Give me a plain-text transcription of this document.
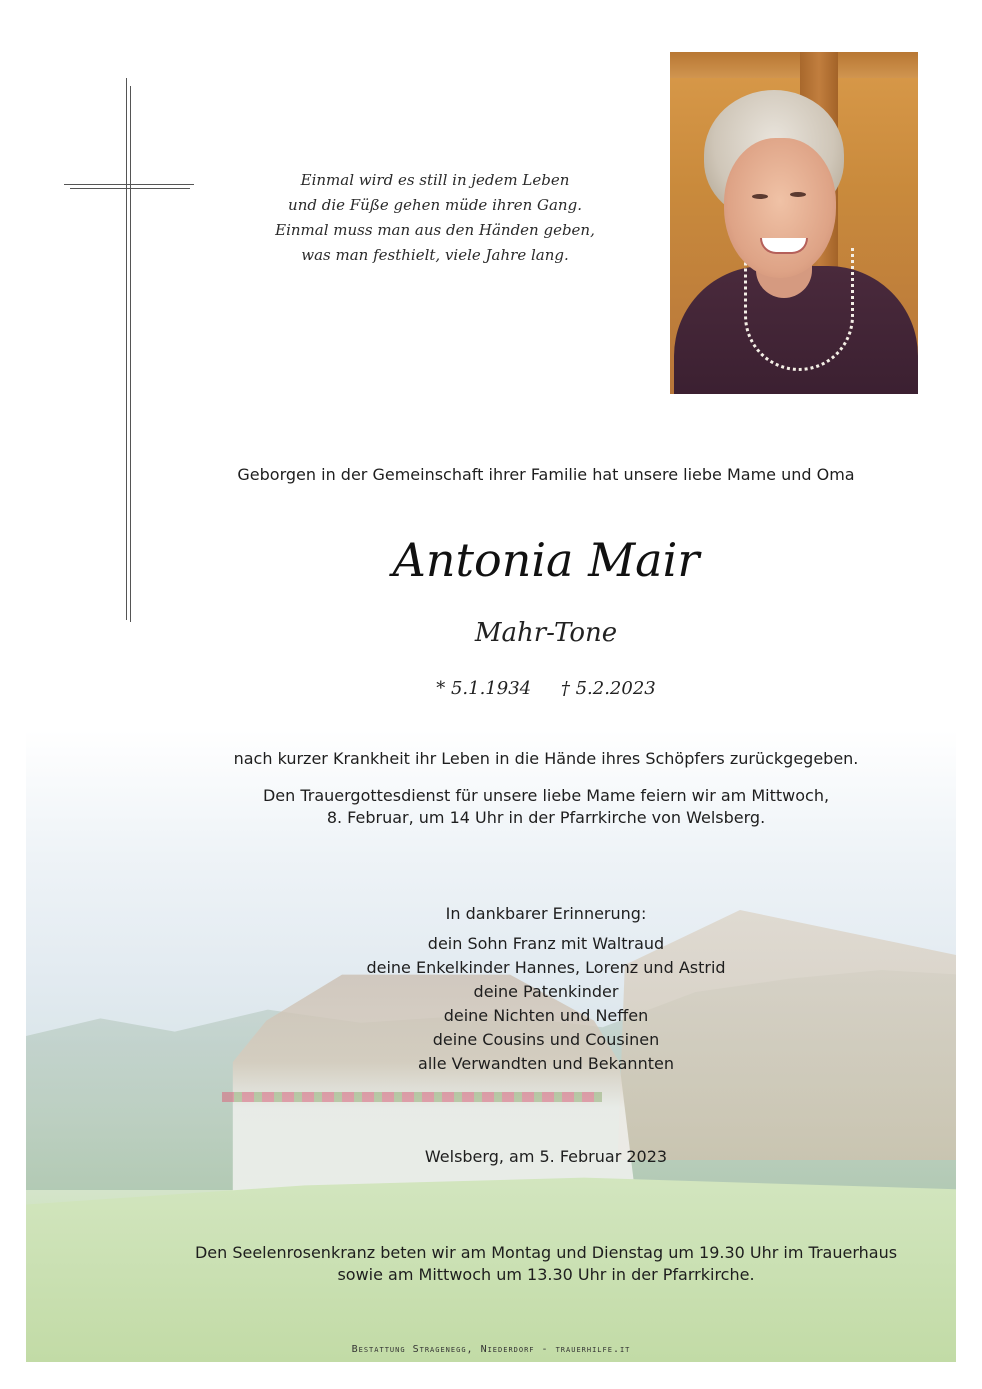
Einmal wird es still in jedem Leben
und die Füße gehen müde ihren Gang.
Einmal muss man aus den Händen geben,
was man festhielt, viele Jahre lang.
Geborgen in der Gemeinschaft ihrer Familie hat unsere liebe Mame und Oma
Antonia Mair
Mahr-Tone
* 5.1.1934 † 5.2.2023
nach kurzer Krankheit ihr Leben in die Hände ihres Schöpfers zurückgegeben.
Den Trauergottesdienst für unsere liebe Mame feiern wir am Mittwoch,
8. Februar, um 14 Uhr in der Pfarrkirche von Welsberg.
In dankbarer Erinnerung:
dein Sohn Franz mit Waltraud
deine Enkelkinder Hannes, Lorenz und Astrid
deine Patenkinder
deine Nichten und Neffen
deine Cousins und Cousinen
alle Verwandten und Bekannten
Welsberg, am 5. Februar 2023
Den Seelenrosenkranz beten wir am Montag und Dienstag um 19.30 Uhr im Trauerhaus
sowie am Mittwoch um 13.30 Uhr in der Pfarrkirche.
Bestattung Stragenegg, Niederdorf - trauerhilfe.it
